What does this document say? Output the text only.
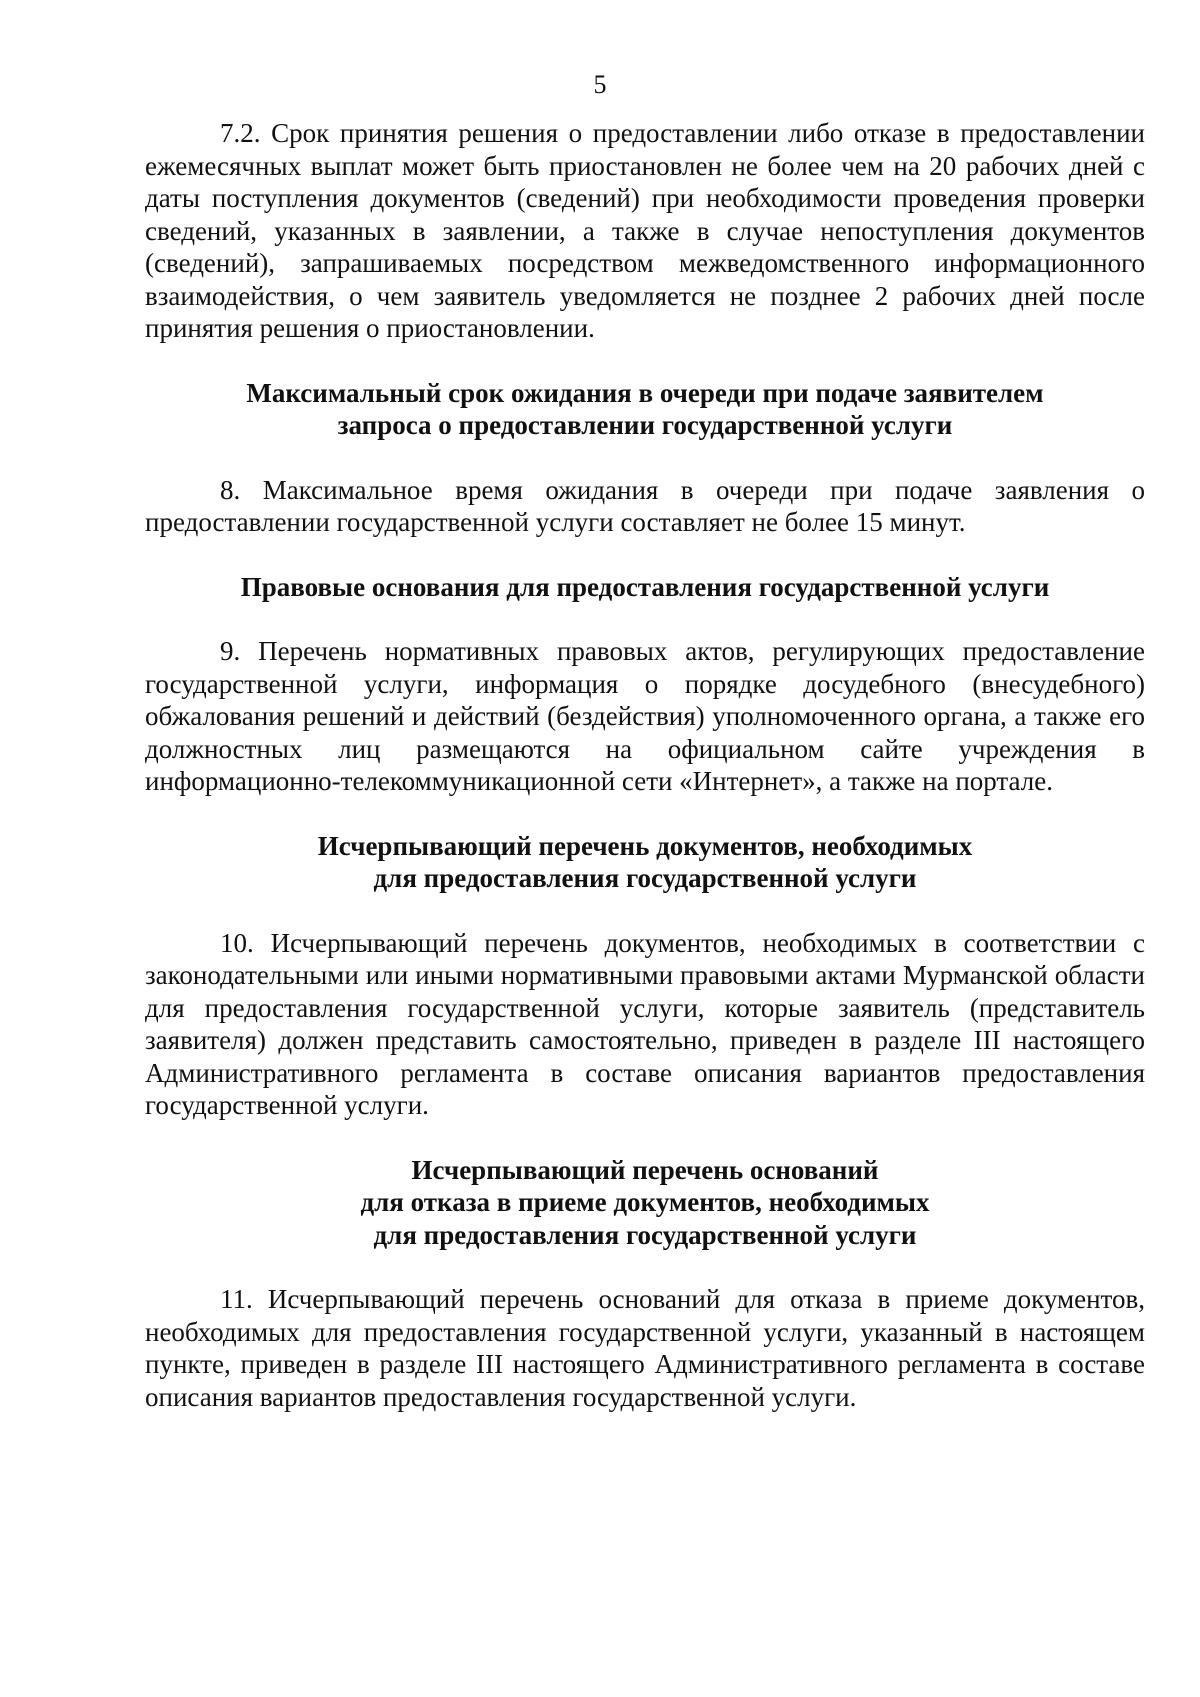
5

7.2. Срок принятия решения о предоставлении либо отказе в предоставлении ежемесячных выплат может быть приостановлен не более чем на 20 рабочих дней с даты поступления документов (сведений) при необходимости проведения проверки сведений, указанных в заявлении, а также в случае непоступления документов (сведений), запрашиваемых посредством межведомственного информационного взаимодействия, о чем заявитель уведомляется не позднее 2 рабочих дней после принятия решения о приостановлении.

Максимальный срок ожидания в очереди при подаче заявителем
запроса о предоставлении государственной услуги

8. Максимальное время ожидания в очереди при подаче заявления о предоставлении государственной услуги составляет не более 15 минут.

Правовые основания для предоставления государственной услуги

9. Перечень нормативных правовых актов, регулирующих предоставление государственной услуги, информация о порядке досудебного (внесудебного) обжалования решений и действий (бездействия) уполномоченного органа, а также его должностных лиц размещаются на официальном сайте учреждения в информационно-телекоммуникационной сети «Интернет», а также на портале.

Исчерпывающий перечень документов, необходимых
для предоставления государственной услуги

10. Исчерпывающий перечень документов, необходимых в соответствии с законодательными или иными нормативными правовыми актами Мурманской области для предоставления государственной услуги, которые заявитель (представитель заявителя) должен представить самостоятельно, приведен в разделе III настоящего Административного регламента в составе описания вариантов предоставления государственной услуги.

Исчерпывающий перечень оснований
для отказа в приеме документов, необходимых
для предоставления государственной услуги

11. Исчерпывающий перечень оснований для отказа в приеме документов, необходимых для предоставления государственной услуги, указанный в настоящем пункте, приведен в разделе III настоящего Административного регламента в составе описания вариантов предоставления государственной услуги.
